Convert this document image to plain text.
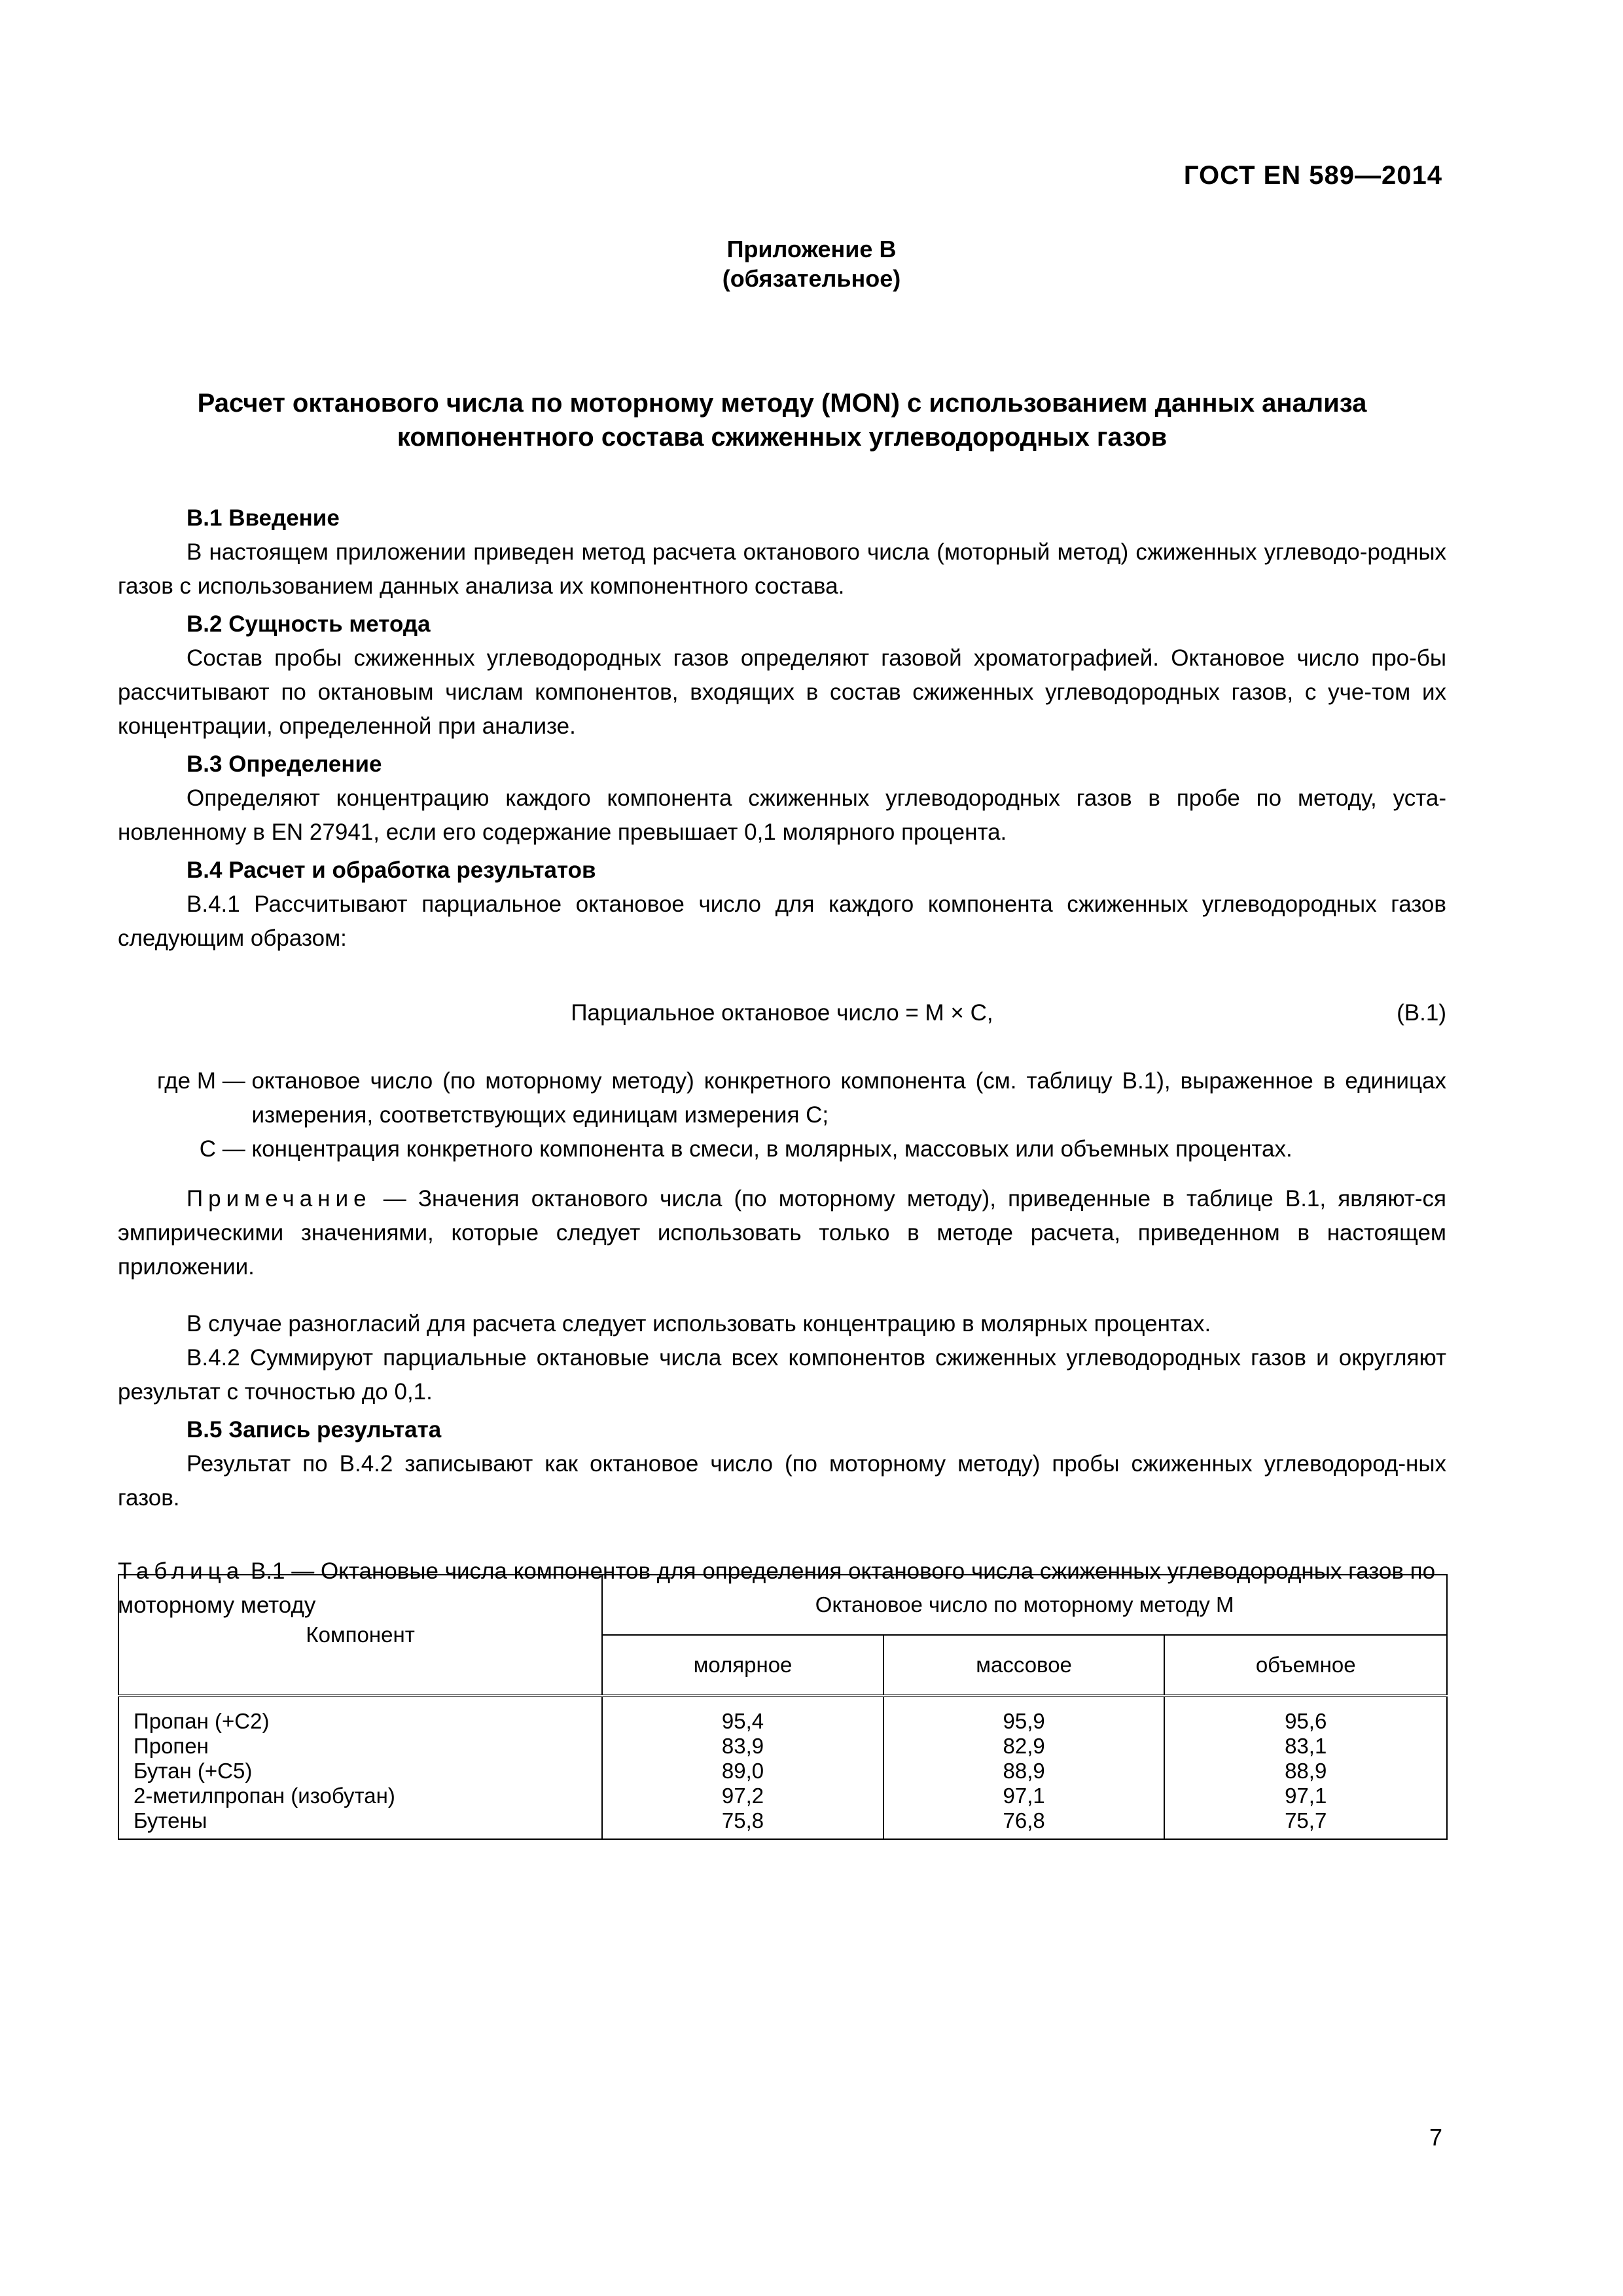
ГОСТ EN 589—2014
Приложение В
(обязательное)
Расчет октанового числа по моторному методу (MON) с использованием данных анализа
компонентного состава сжиженных углеводородных газов
В.1 Введение

В настоящем приложении приведен метод расчета октанового числа (моторный метод) сжиженных углеводо-родных газов с использованием данных анализа их компонентного состава.

В.2 Сущность метода

Состав пробы сжиженных углеводородных газов определяют газовой хроматографией. Октановое число про-бы рассчитывают по октановым числам компонентов, входящих в состав сжиженных углеводородных газов, с уче-том их концентрации, определенной при анализе.

В.3 Определение

Определяют концентрацию каждого компонента сжиженных углеводородных газов в пробе по методу, уста-новленному в EN 27941, если его содержание превышает 0,1 молярного процента.

В.4 Расчет и обработка результатов

В.4.1 Рассчитывают парциальное октановое число для каждого компонента сжиженных углеводородных газов следующим образом:

Парциальное октановое число = M × C,	(В.1)
где M — октановое число (по моторному методу) конкретного компонента (см. таблицу В.1), выраженное в единицах измерения, соответствующих единицам измерения С;
С — концентрация конкретного компонента в смеси, в молярных, массовых или объемных процентах.

Примечание — Значения октанового числа (по моторному методу), приведенные в таблице В.1, являют-ся эмпирическими значениями, которые следует использовать только в методе расчета, приведенном в настоящем приложении.

В случае разногласий для расчета следует использовать концентрацию в молярных процентах.

В.4.2 Суммируют парциальные октановые числа всех компонентов сжиженных углеводородных газов и округляют результат с точностью до 0,1.

В.5 Запись результата

Результат по В.4.2 записывают как октановое число (по моторному методу) пробы сжиженных углеводород-ных газов.

Таблица В.1 — Октановые числа компонентов для определения октанового числа сжиженных углеводородных газов по моторному методу

Компонент	Октановое число по моторному методу M		
	молярное	массовое	объемное
Пропан (+С2)	95,4	95,9	95,6
Пропен	83,9	82,9	83,1
Бутан (+С5)	89,0	88,9	88,9
2-метилпропан (изобутан)	97,2	97,1	97,1
Бутены	75,8	76,8	75,7
7
